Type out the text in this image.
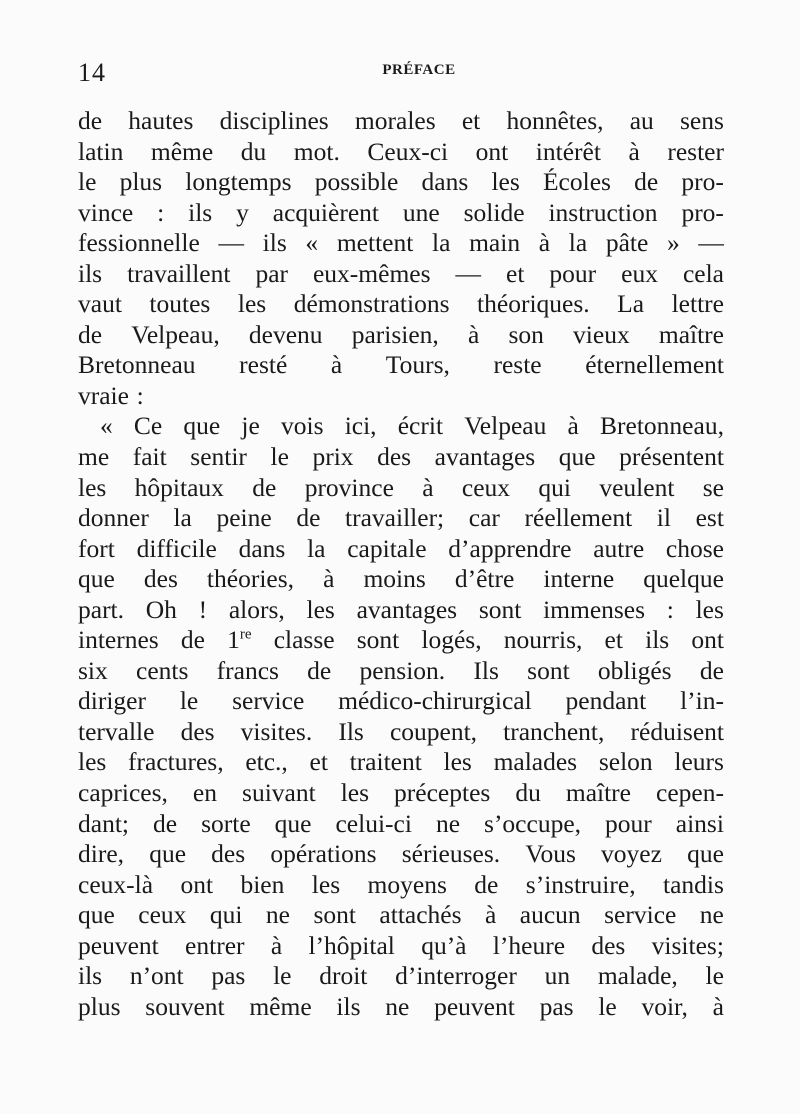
14	PRÉFACE
de hautes disciplines morales et honnêtes, au sens
latin même du mot. Ceux-ci ont intérêt à rester
le plus longtemps possible dans les Écoles de pro-
vince : ils y acquièrent une solide instruction pro-
fessionnelle — ils « mettent la main à la pâte » —
ils travaillent par eux-mêmes — et pour eux cela
vaut toutes les démonstrations théoriques. La lettre
de Velpeau, devenu parisien, à son vieux maître
Bretonneau resté à Tours, reste éternellement
vraie :
« Ce que je vois ici, écrit Velpeau à Bretonneau,
me fait sentir le prix des avantages que présentent
les hôpitaux de province à ceux qui veulent se
donner la peine de travailler; car réellement il est
fort difficile dans la capitale d’apprendre autre chose
que des théories, à moins d’être interne quelque
part. Oh ! alors, les avantages sont immenses : les
internes de 1re classe sont logés, nourris, et ils ont
six cents francs de pension. Ils sont obligés de
diriger le service médico-chirurgical pendant l’in-
tervalle des visites. Ils coupent, tranchent, réduisent
les fractures, etc., et traitent les malades selon leurs
caprices, en suivant les préceptes du maître cepen-
dant; de sorte que celui-ci ne s’occupe, pour ainsi
dire, que des opérations sérieuses. Vous voyez que
ceux-là ont bien les moyens de s’instruire, tandis
que ceux qui ne sont attachés à aucun service ne
peuvent entrer à l’hôpital qu’à l’heure des visites;
ils n’ont pas le droit d’interroger un malade, le
plus souvent même ils ne peuvent pas le voir, à
